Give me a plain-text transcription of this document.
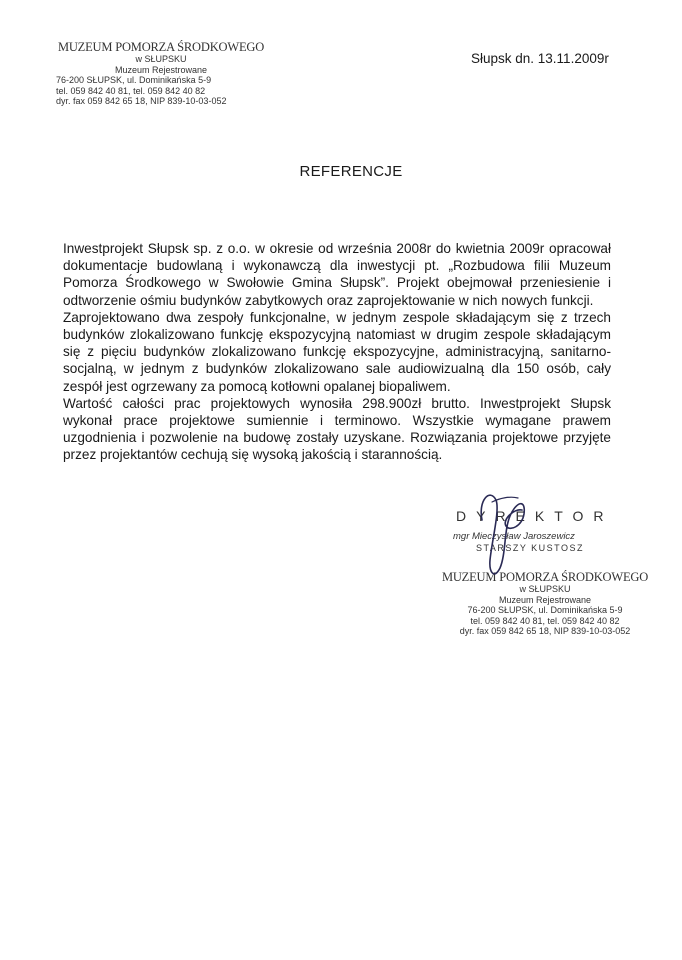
MUZEUM POMORZA ŚRODKOWEGO
w SŁUPSKU
Muzeum Rejestrowane
76-200 SŁUPSK, ul. Dominikańska 5-9
tel. 059 842 40 81, tel. 059 842 40 82
dyr. fax 059 842 65 18, NIP 839-10-03-052
Słupsk dn. 13.11.2009r
REFERENCJE

Inwestprojekt Słupsk sp. z o.o. w okresie od września 2008r do kwietnia 2009r opracował dokumentacje budowlaną i wykonawczą dla inwestycji pt. „Rozbudowa filii Muzeum Pomorza Środkowego w Swołowie Gmina Słupsk”. Projekt obejmował przeniesienie i odtworzenie ośmiu budynków zabytkowych oraz zaprojektowanie w nich nowych funkcji.

Zaprojektowano dwa zespoły funkcjonalne, w jednym zespole składającym się z trzech budynków zlokalizowano funkcję ekspozycyjną natomiast w drugim zespole składającym się z pięciu budynków zlokalizowano funkcję ekspozycyjne, administracyjną, sanitarno-socjalną, w jednym z budynków zlokalizowano sale audiowizualną dla 150 osób, cały zespół jest ogrzewany za pomocą kotłowni opalanej biopaliwem.

Wartość całości prac projektowych wynosiła 298.900zł brutto. Inwestprojekt Słupsk wykonał prace projektowe sumiennie i terminowo. Wszystkie wymagane prawem uzgodnienia i pozwolenie na budowę zostały uzyskane. Rozwiązania projektowe przyjęte przez projektantów cechują się wysoką jakością i starannością.

DYREKTOR
mgr Mieczysław Jaroszewicz
STARSZY KUSTOSZ
MUZEUM POMORZA ŚRODKOWEGO
w SŁUPSKU
Muzeum Rejestrowane
76-200 SŁUPSK, ul. Dominikańska 5-9
tel. 059 842 40 81, tel. 059 842 40 82
dyr. fax 059 842 65 18, NIP 839-10-03-052
